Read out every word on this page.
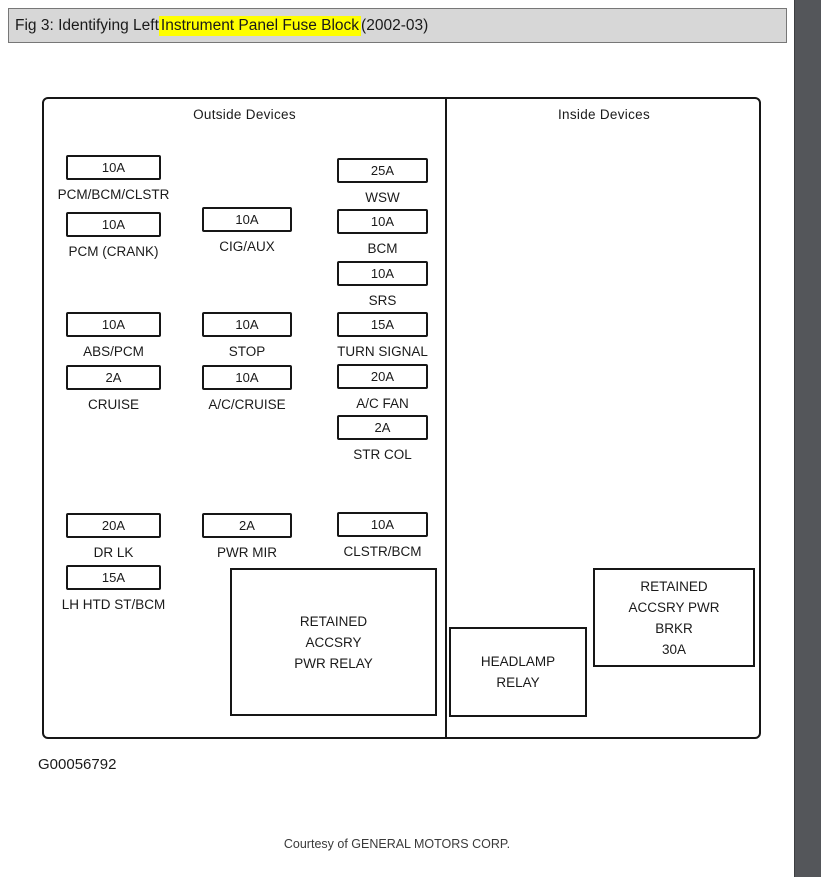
Fig 3: Identifying Left Instrument Panel Fuse Block (2002-03)
Outside Devices	Inside Devices
10A
PCM/BCM/CLSTR
10A
PCM (CRANK)
10A
ABS/PCM
2A
CRUISE
20A
DR LK
15A
LH HTD ST/BCM
10A
CIG/AUX
10A
STOP
10A
A/C/CRUISE
2A
PWR MIR
25A
WSW
10A
BCM
10A
SRS
15A
TURN SIGNAL
20A
A/C FAN
2A
STR COL
10A
CLSTR/BCM
RETAINED
ACCSRY
PWR RELAY	HEADLAMP
RELAY
RETAINED
ACCSRY PWR
BRKR
30A
G00056792
Courtesy of GENERAL MOTORS CORP.
